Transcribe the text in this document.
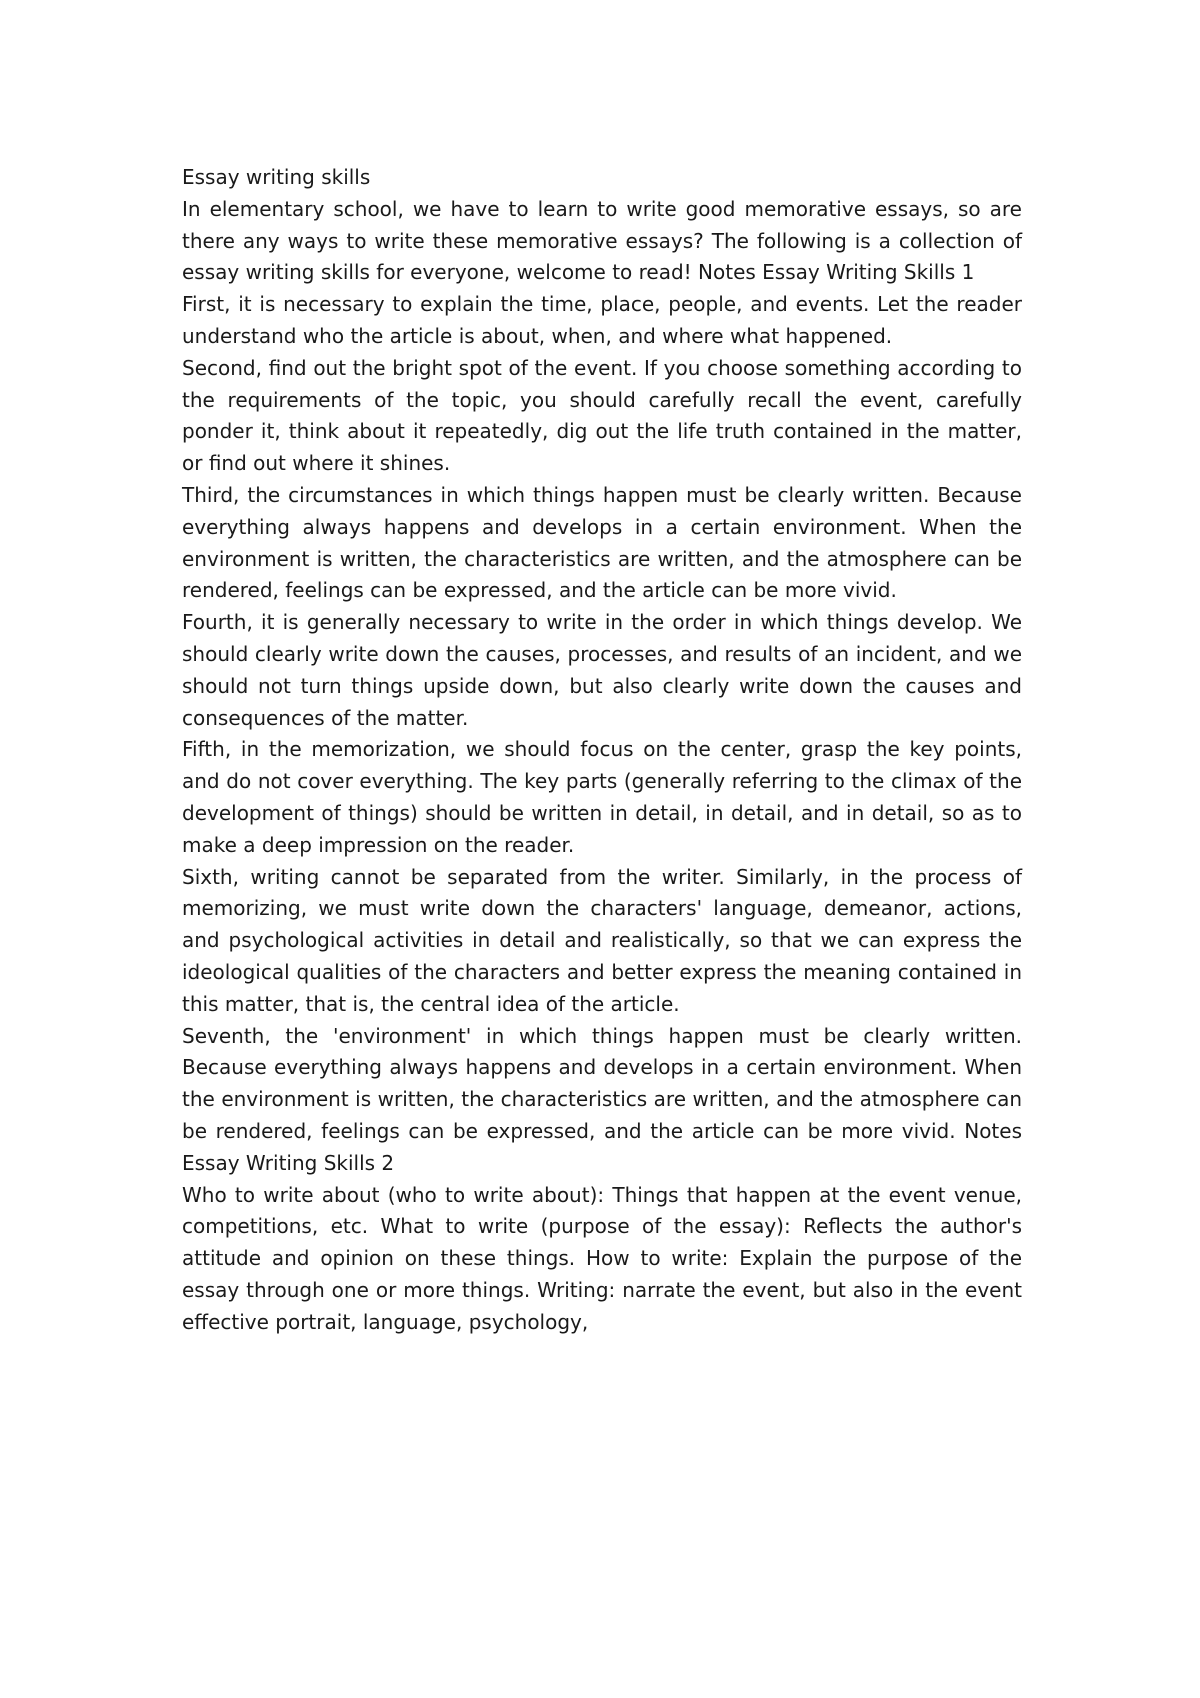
Essay writing skills

In elementary school, we have to learn to write good memorative essays, so are there any ways to write these memorative essays? The following is a collection of essay writing skills for everyone, welcome to read! Notes Essay Writing Skills 1

First, it is necessary to explain the time, place, people, and events. Let the reader understand who the article is about, when, and where what happened.

Second, find out the bright spot of the event. If you choose something according to the requirements of the topic, you should carefully recall the event, carefully ponder it, think about it repeatedly, dig out the life truth contained in the matter, or find out where it shines.

Third, the circumstances in which things happen must be clearly written. Because everything always happens and develops in a certain environment. When the environment is written, the characteristics are written, and the atmosphere can be rendered, feelings can be expressed, and the article can be more vivid.

Fourth, it is generally necessary to write in the order in which things develop. We should clearly write down the causes, processes, and results of an incident, and we should not turn things upside down, but also clearly write down the causes and consequences of the matter.

Fifth, in the memorization, we should focus on the center, grasp the key points, and do not cover everything. The key parts (generally referring to the climax of the development of things) should be written in detail, in detail, and in detail, so as to make a deep impression on the reader.

Sixth, writing cannot be separated from the writer. Similarly, in the process of memorizing, we must write down the characters' language, demeanor, actions, and psychological activities in detail and realistically, so that we can express the ideological qualities of the characters and better express the meaning contained in this matter, that is, the central idea of the article.

Seventh, the 'environment' in which things happen must be clearly written. Because everything always happens and develops in a certain environment. When the environment is written, the characteristics are written, and the atmosphere can be rendered, feelings can be expressed, and the article can be more vivid. Notes Essay Writing Skills 2

Who to write about (who to write about): Things that happen at the event venue, competitions, etc. What to write (purpose of the essay): Reflects the author's attitude and opinion on these things. How to write: Explain the purpose of the essay through one or more things. Writing: narrate the event, but also in the event effective portrait, language, psychology,
